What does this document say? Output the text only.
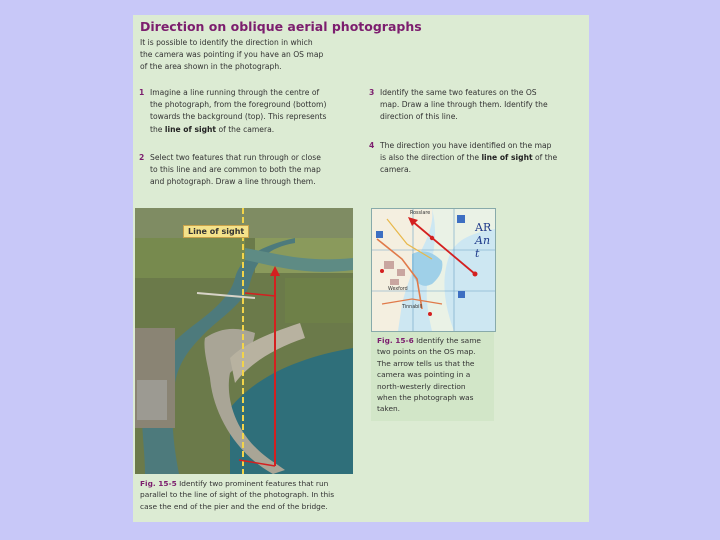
Direction on oblique aerial photographs
It is possible to identify the direction in which
the camera was pointing if you have an OS map
of the area shown in the photograph.
1 Imagine a line running through the centre of
the photograph, from the foreground (bottom)
towards the background (top). This represents
the line of sight of the camera.
2 Select two features that run through or close
to this line and are common to both the map
and photograph. Draw a line through them.
3 Identify the same two features on the OS
map. Draw a line through them. Identify the
direction of this line.
4 The direction you have identified on the map
is also the direction of the line of sight of the
camera.
Line of sight	AR
An t
Rosslare
Tinnabill
Wexford
Fig. 15-6 Identify the same
two points on the OS map.
The arrow tells us that the
camera was pointing in a
north-westerly direction
when the photograph was
taken.
Fig. 15-5 Identify two prominent features that run
parallel to the line of sight of the photograph. In this
case the end of the pier and the end of the bridge.
